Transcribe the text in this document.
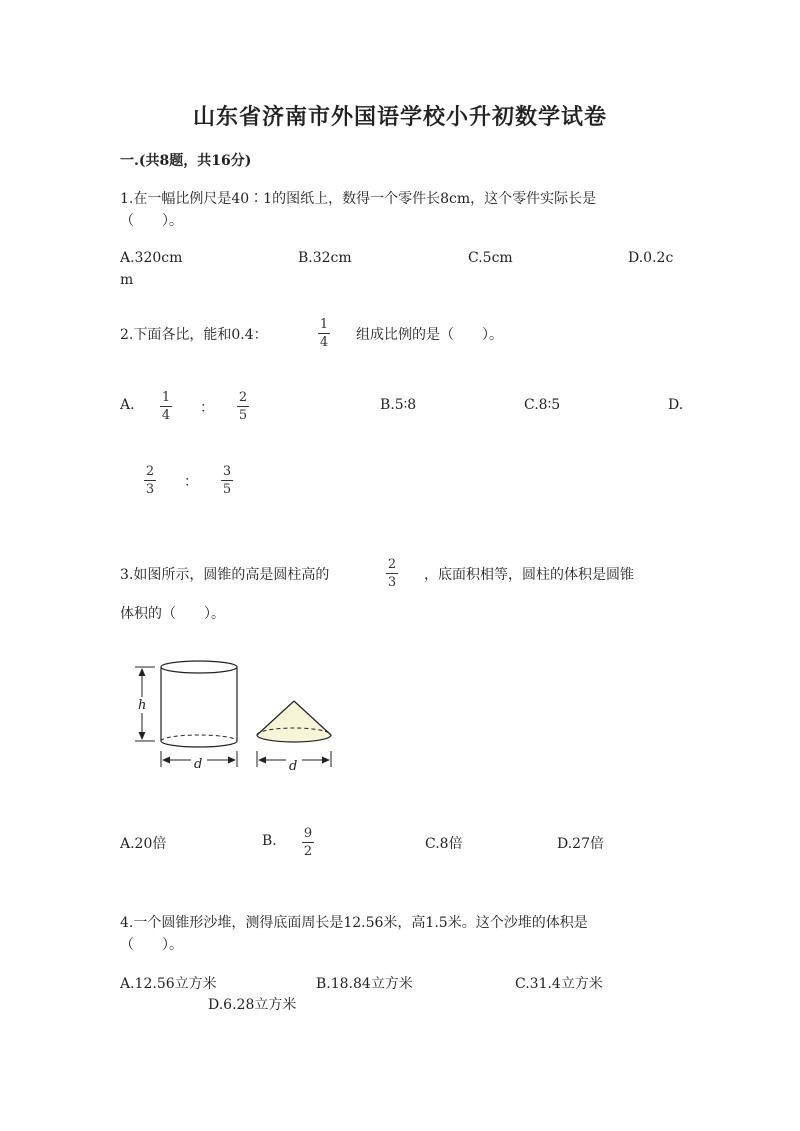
山东省济南市外国语学校小升初数学试卷
一.(共8题，共16分)
1.在一幅比例尺是40∶1的图纸上，数得一个零件长8cm，这个零件实际长是
（　　）。
A.320cm	B.32cm	C.5cm	D.0.2c
m
2.下面各比，能和0.4：
1
4 组成比例的是（　　）。
A. 1
4 ：
2
5
B.5∶8	C.8∶5	D.
2
3 ：
3
5
3.如图所示，圆锥的高是圆柱高的
2
3 ，底面积相等，圆柱的体积是圆锥
体积的（　　）。
h
d	d
A.20倍	B. 9
2	C.8倍	D.27倍
4.一个圆锥形沙堆，测得底面周长是12.56米，高1.5米。这个沙堆的体积是
（　　）。
A.12.56立方米	B.18.84立方米	C.31.4立方米
D.6.28立方米
